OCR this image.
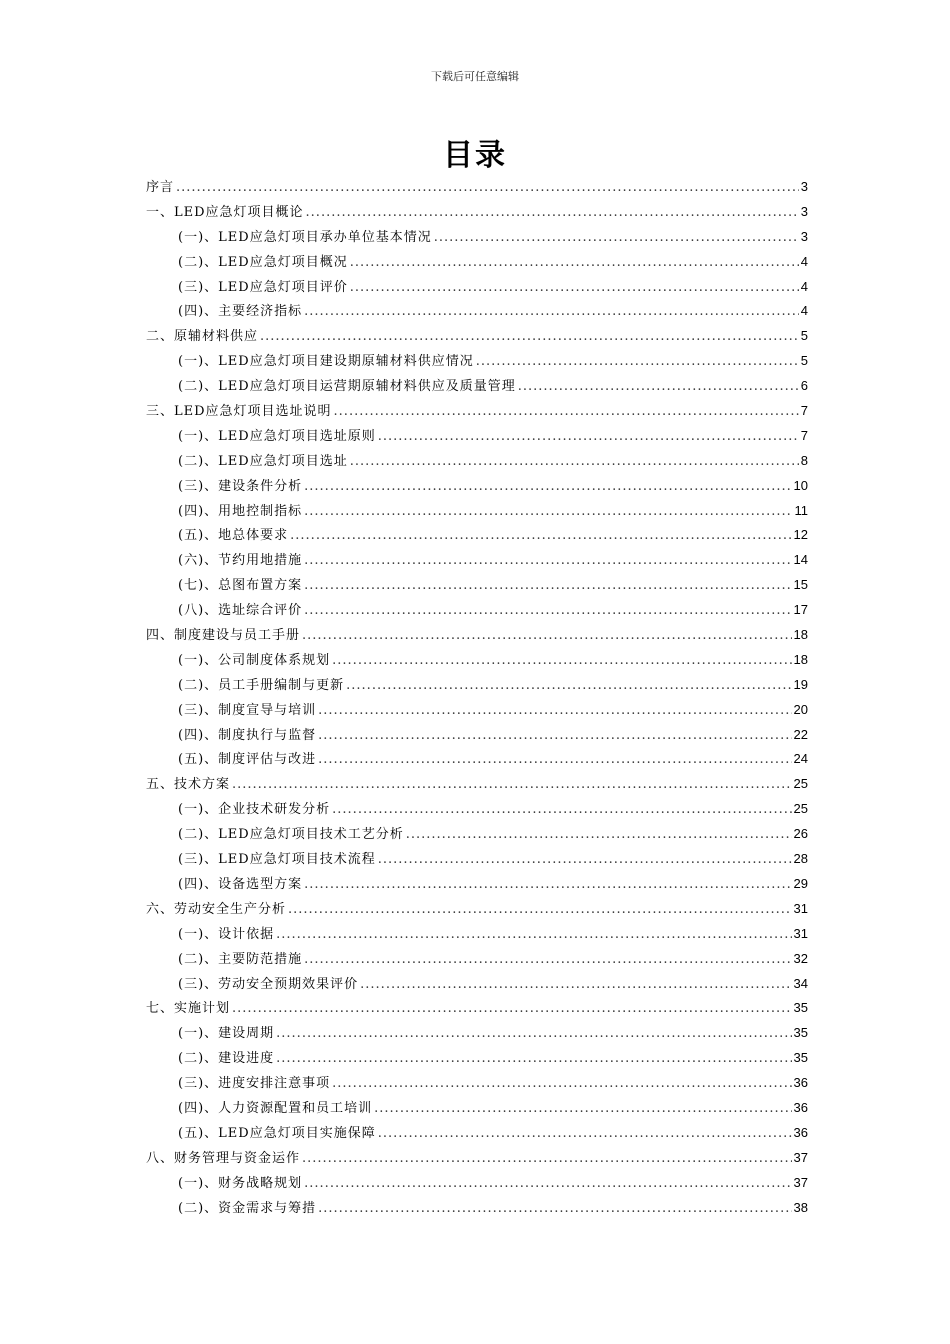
下载后可任意编辑
目录
序言 .....	3
一、LED应急灯项目概论 .....	3
(一)、LED应急灯项目承办单位基本情况 .....	3
(二)、LED应急灯项目概况 .....	4
(三)、LED应急灯项目评价 .....	4
(四)、主要经济指标 .....	4
二、原辅材料供应 .....	5
(一)、LED应急灯项目建设期原辅材料供应情况 .....	5
(二)、LED应急灯项目运营期原辅材料供应及质量管理 .....	6
三、LED应急灯项目选址说明 .....	7
(一)、LED应急灯项目选址原则 .....	7
(二)、LED应急灯项目选址 .....	8
(三)、建设条件分析 .....	10
(四)、用地控制指标 .....	11
(五)、地总体要求 .....	12
(六)、节约用地措施 .....	14
(七)、总图布置方案 .....	15
(八)、选址综合评价 .....	17
四、制度建设与员工手册 .....	18
(一)、公司制度体系规划 .....	18
(二)、员工手册编制与更新 .....	19
(三)、制度宣导与培训 .....	20
(四)、制度执行与监督 .....	22
(五)、制度评估与改进 .....	24
五、技术方案 .....	25
(一)、企业技术研发分析 .....	25
(二)、LED应急灯项目技术工艺分析 .....	26
(三)、LED应急灯项目技术流程 .....	28
(四)、设备选型方案 .....	29
六、劳动安全生产分析 .....	31
(一)、设计依据 .....	31
(二)、主要防范措施 .....	32
(三)、劳动安全预期效果评价 .....	34
七、实施计划 .....	35
(一)、建设周期 .....	35
(二)、建设进度 .....	35
(三)、进度安排注意事项 .....	36
(四)、人力资源配置和员工培训 .....	36
(五)、LED应急灯项目实施保障 .....	36
八、财务管理与资金运作 .....	37
(一)、财务战略规划 .....	37
(二)、资金需求与筹措 .....	38
